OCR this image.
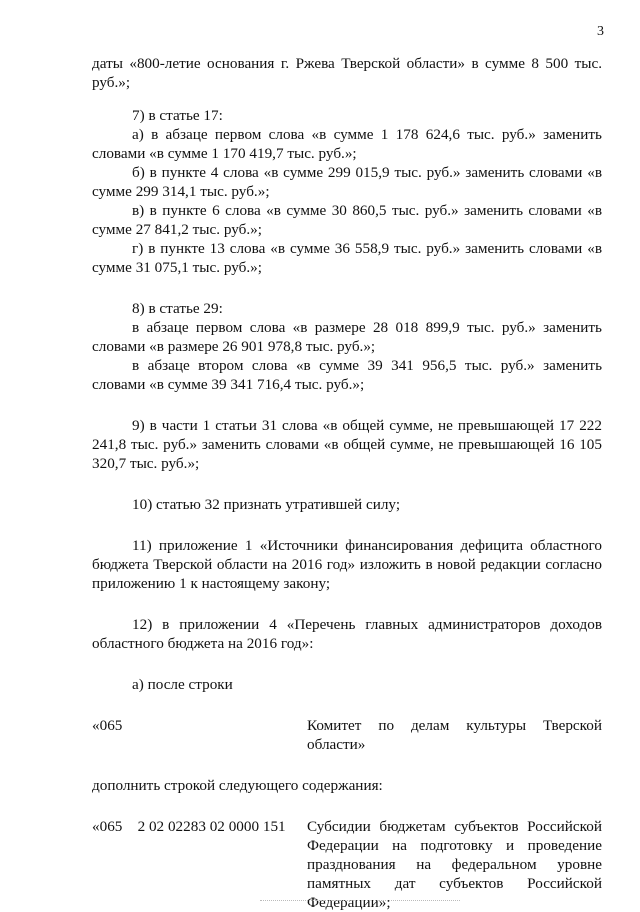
3

даты «800-летие основания г. Ржева Тверской области» в сумме 8 500 тыс. руб.»;

7) в статье 17:

а) в абзаце первом слова «в сумме 1 178 624,6 тыс. руб.» заменить словами «в сумме 1 170 419,7 тыс. руб.»;

б) в пункте 4 слова «в сумме 299 015,9 тыс. руб.» заменить словами «в сумме 299 314,1 тыс. руб.»;

в) в пункте 6 слова «в сумме 30 860,5 тыс. руб.» заменить словами «в сумме 27 841,2 тыс. руб.»;

г) в пункте 13 слова «в сумме 36 558,9 тыс. руб.» заменить словами «в сумме 31 075,1 тыс. руб.»;

8) в статье 29:

в абзаце первом слова «в размере 28 018 899,9 тыс. руб.» заменить словами «в размере 26 901 978,8 тыс. руб.»;

в абзаце втором слова «в сумме 39 341 956,5 тыс. руб.» заменить словами «в сумме 39 341 716,4 тыс. руб.»;

9) в части 1 статьи 31 слова «в общей сумме, не превышающей 17 222 241,8 тыс. руб.» заменить словами «в общей сумме, не превышающей 16 105 320,7 тыс. руб.»;

10) статью 32 признать утратившей силу;

11) приложение 1 «Источники финансирования дефицита областного бюджета Тверской области на 2016 год» изложить в новой редакции согласно приложению 1 к настоящему закону;

12) в приложении 4 «Перечень главных администраторов доходов областного бюджета на 2016 год»:

а) после строки

«065	Комитет по делам культуры Тверской области»

дополнить строкой следующего содержания:

«065    2 02 02283 02 0000 151	Субсидии бюджетам субъектов Российской Федерации на подготовку и проведение празднования на федеральном уровне памятных дат субъектов Российской Федерации»;
